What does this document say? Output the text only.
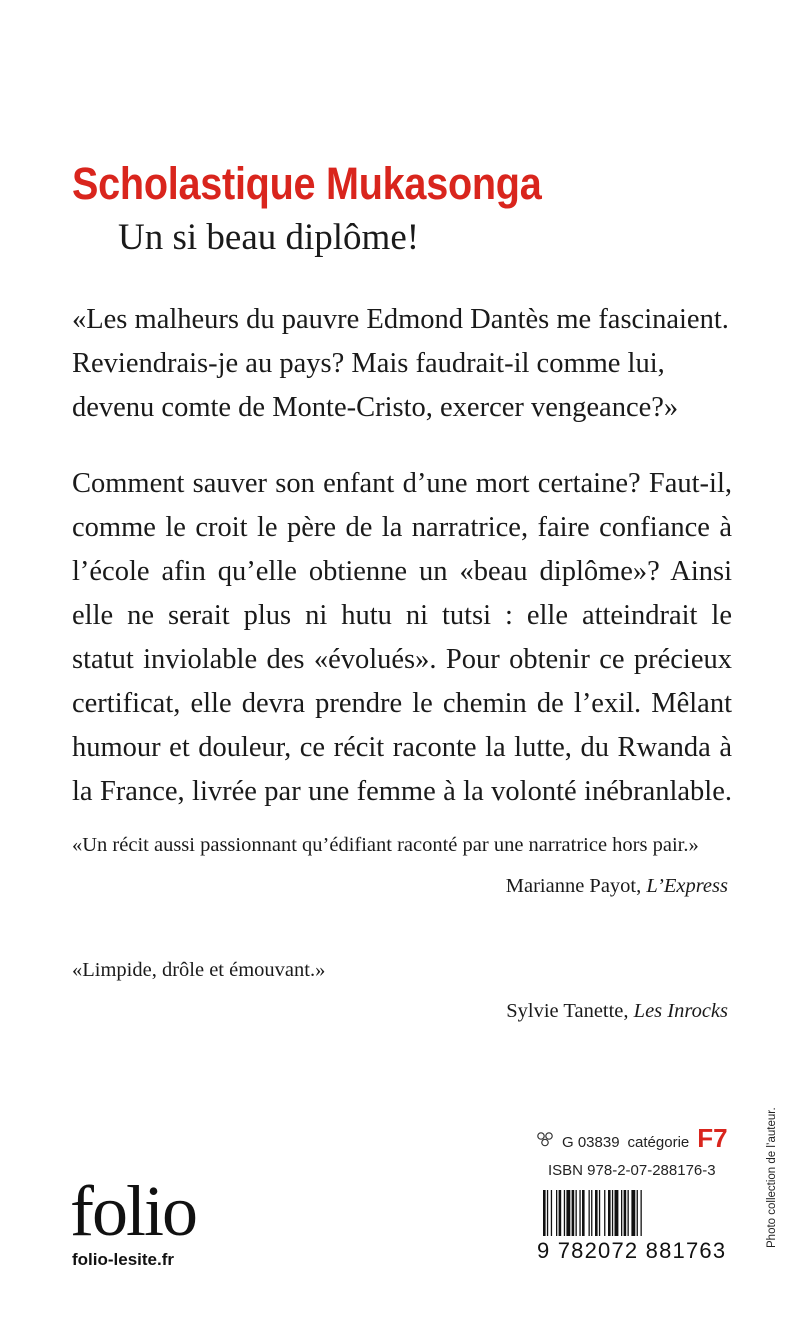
Scholastique Mukasonga
Un si beau diplôme!
«Les malheurs du pauvre Edmond Dantès me fascinaient.
Reviendrais-je au pays? Mais faudrait-il comme lui,
devenu comte de Monte-Cristo, exercer vengeance?»
Comment sauver son enfant d’une mort certaine? Faut-il,
comme le croit le père de la narratrice, faire confiance à
l’école afin qu’elle obtienne un «beau diplôme»? Ainsi
elle ne serait plus ni hutu ni tutsi : elle atteindrait le
statut inviolable des «évolués». Pour obtenir ce précieux
certificat, elle devra prendre le chemin de l’exil. Mêlant
humour et douleur, ce récit raconte la lutte, du Rwanda à
la France, livrée par une femme à la volonté inébranlable.
«Un récit aussi passionnant qu’édifiant raconté par une narratrice hors pair.»
Marianne Payot, L’Express
«Limpide, drôle et émouvant.»
Sylvie Tanette, Les Inrocks
Photo collection de l’auteur.
G 03839 catégorie F7
ISBN 978-2-07-288176-3
9 782072 881763
folio
folio-lesite.fr
